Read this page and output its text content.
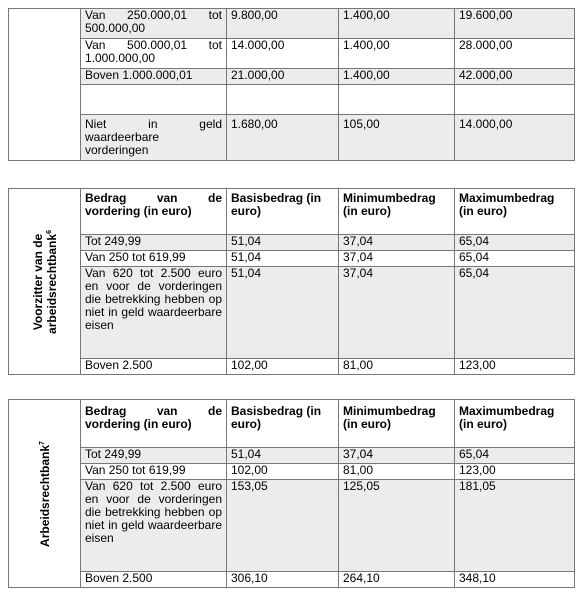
	Van 250.000,01 tot 500.000,00	9.800,00	1.400,00	19.600,00
	Van 500.000,01 tot 1.000.000,00	14.000,00	1.400,00	28.000,00
	Boven 1.000.000,01	21.000,00	1.400,00	42.000,00

	Niet in geld waardeerbare vorderingen	1.680,00	105,00	14.000,00
Voorzitter van de
arbeidsrechtbank$^6$	Bedrag van de vordering (in euro)	Basisbedrag (in euro)	Minimumbedrag (in euro)	Maximumbedrag (in euro)
	Tot 249,99	51,04	37,04	65,04
	Van 250 tot 619,99	51,04	37,04	65,04
	Van 620 tot 2.500 euro en voor de vorderingen die betrekking hebben op niet in geld waardeerbare eisen	51,04	37,04	65,04
	Boven 2.500	102,00	81,00	123,00
Arbeidsrechtbank$^7$	Bedrag van de vordering (in euro)	Basisbedrag (in euro)	Minimumbedrag (in euro)	Maximumbedrag (in euro)
	Tot 249,99	51,04	37,04	65,04
	Van 250 tot 619,99	102,00	81,00	123,00
	Van 620 tot 2.500 euro en voor de vorderingen die betrekking hebben op niet in geld waardeerbare eisen	153,05	125,05	181,05
	Boven 2.500	306,10	264,10	348,10
